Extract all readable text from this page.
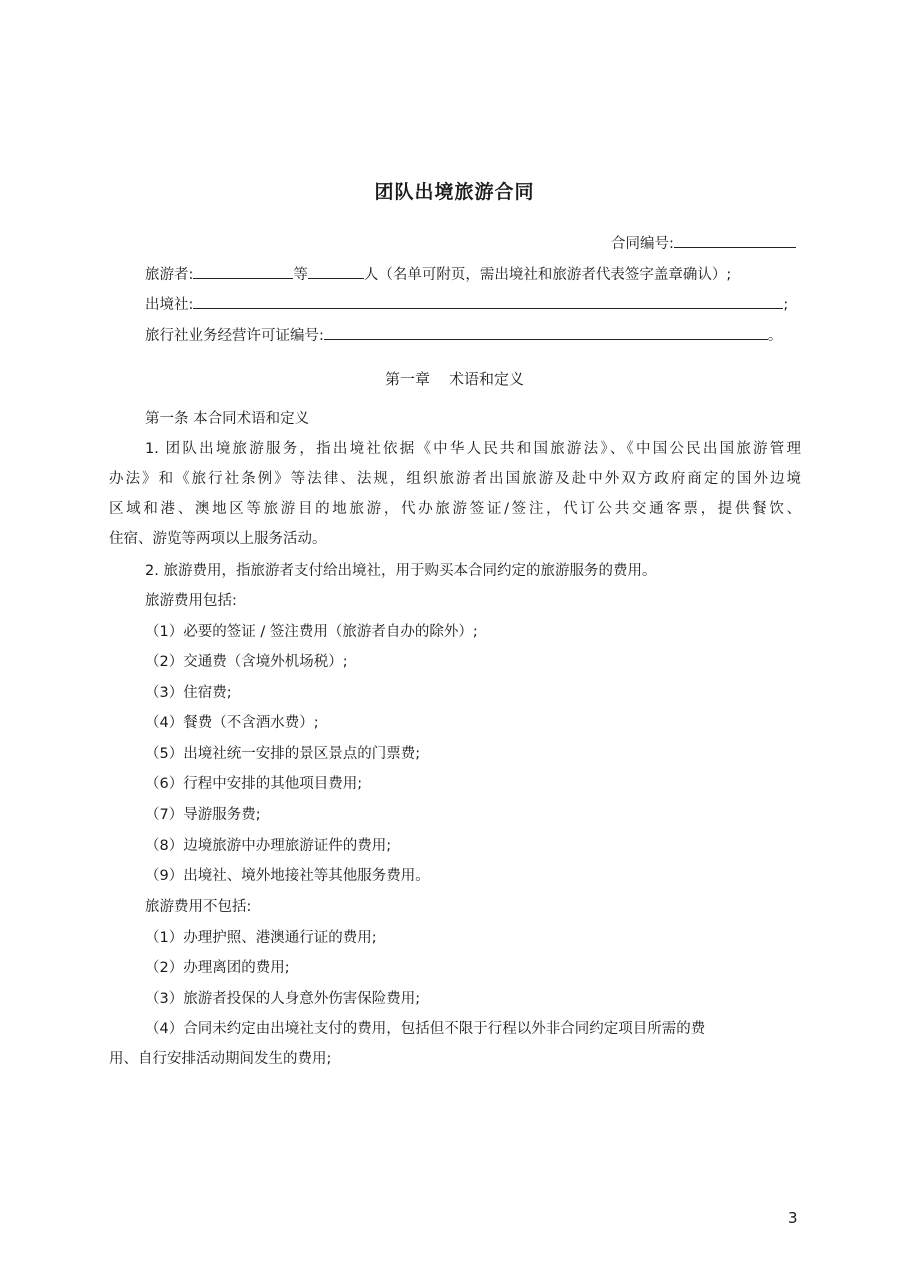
团队出境旅游合同
合同编号:
旅游者:	等	人（名单可附页，需出境社和旅游者代表签字盖章确认）;
出境社:	;
旅行社业务经营许可证编号:	。
第一章    术语和定义
第一条 本合同术语和定义
1. 团队出境旅游服务，指出境社依据《中华人民共和国旅游法》、《中国公民出国旅游管理
办法》和《旅行社条例》等法律、法规，组织旅游者出国旅游及赴中外双方政府商定的国外边境
区域和港、澳地区等旅游目的地旅游，代办旅游签证/签注，代订公共交通客票，提供餐饮、
住宿、游览等两项以上服务活动。
2. 旅游费用，指旅游者支付给出境社，用于购买本合同约定的旅游服务的费用。
旅游费用包括:
（1）必要的签证 / 签注费用（旅游者自办的除外）;
（2）交通费（含境外机场税）;
（3）住宿费;
（4）餐费（不含酒水费）;
（5）出境社统一安排的景区景点的门票费;
（6）行程中安排的其他项目费用;
（7）导游服务费;
（8）边境旅游中办理旅游证件的费用;
（9）出境社、境外地接社等其他服务费用。
旅游费用不包括:
（1）办理护照、港澳通行证的费用;
（2）办理离团的费用;
（3）旅游者投保的人身意外伤害保险费用;
（4）合同未约定由出境社支付的费用，包括但不限于行程以外非合同约定项目所需的费
用、自行安排活动期间发生的费用;
3
